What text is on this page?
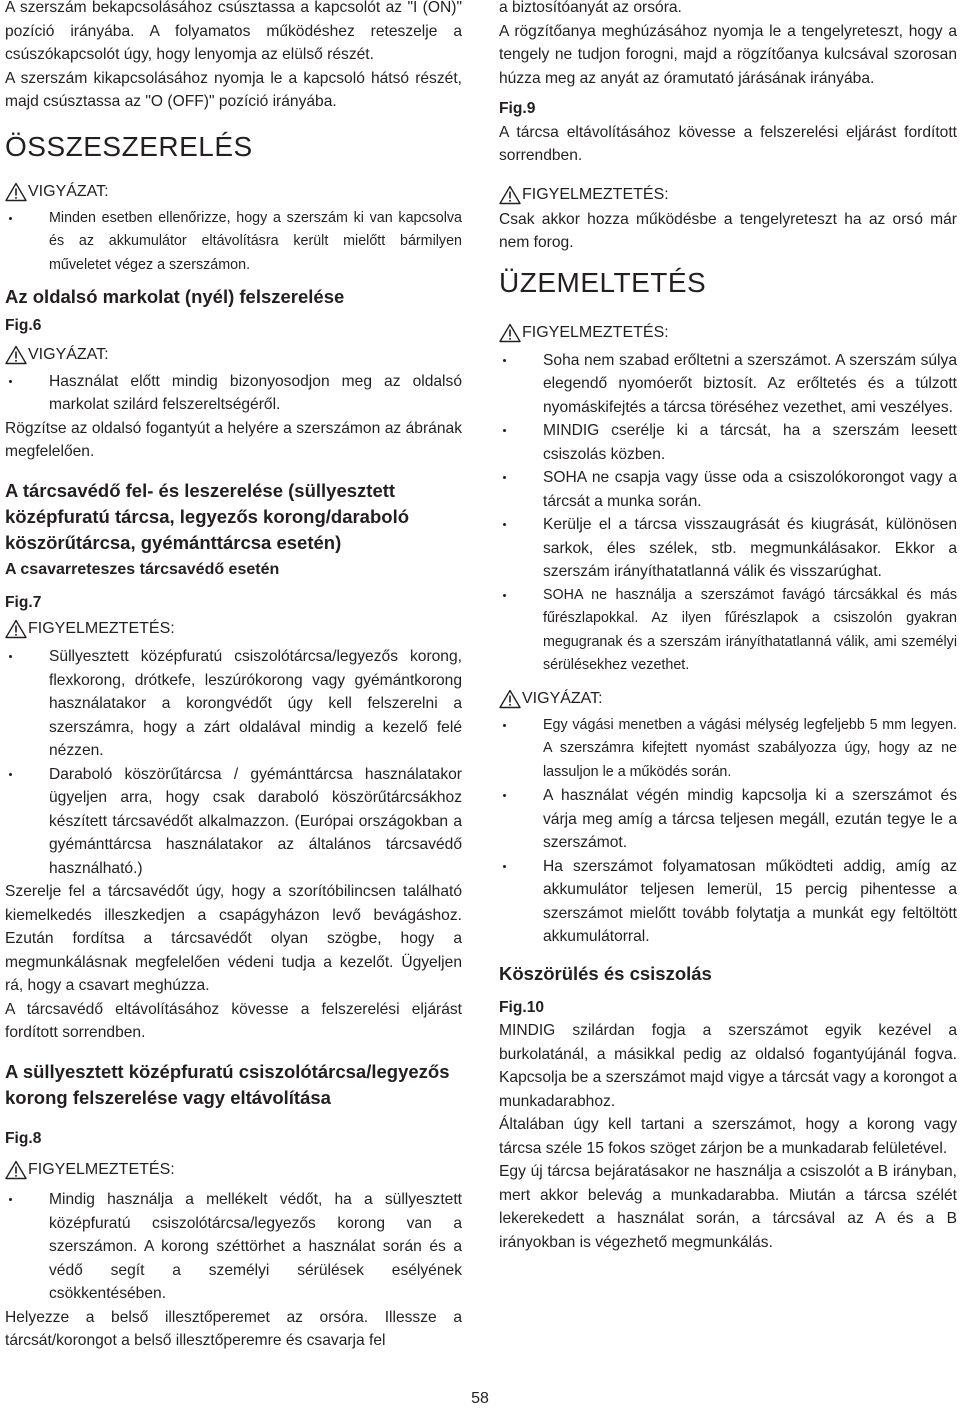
A szerszám bekapcsolásához csúsztassa a kapcsolót az "I (ON)" pozíció irányába. A folyamatos működéshez reteszelje a csúszókapcsolót úgy, hogy lenyomja az elülső részét.

A szerszám kikapcsolásához nyomja le a kapcsoló hátsó részét, majd csúsztassa az "O (OFF)" pozíció irányába.

ÖSSZESZERELÉS
VIGYÁZAT:
Minden esetben ellenőrizze, hogy a szerszám ki van kapcsolva és az akkumulátor eltávolításra került mielőtt bármilyen műveletet végez a szerszámon.
Az oldalsó markolat (nyél) felszerelése
Fig.6
VIGYÁZAT:
Használat előtt mindig bizonyosodjon meg az oldalsó markolat szilárd felszereltségéről.

Rögzítse az oldalsó fogantyút a helyére a szerszámon az ábrának megfelelően.

A tárcsavédő fel- és leszerelése (süllyesztett középfuratú tárcsa, legyezős korong/daraboló köszörűtárcsa, gyémánttárcsa esetén)
A csavarreteszes tárcsavédő esetén
Fig.7
FIGYELMEZTETÉS:
Süllyesztett középfuratú csiszolótárcsa/legyezős korong, flexkorong, drótkefe, leszúrókorong vagy gyémántkorong használatakor a korongvédőt úgy kell felszerelni a szerszámra, hogy a zárt oldalával mindig a kezelő felé nézzen.
Daraboló köszörűtárcsa / gyémánttárcsa használatakor ügyeljen arra, hogy csak daraboló köszörűtárcsákhoz készített tárcsavédőt alkalmazzon. (Európai országokban a gyémánttárcsa használatakor az általános tárcsavédő használható.)

Szerelje fel a tárcsavédőt úgy, hogy a szorítóbilincsen található kiemelkedés illeszkedjen a csapágyházon levő bevágáshoz. Ezután fordítsa a tárcsavédőt olyan szögbe, hogy a megmunkálásnak megfelelően védeni tudja a kezelőt. Ügyeljen rá, hogy a csavart meghúzza.

A tárcsavédő eltávolításához kövesse a felszerelési eljárást fordított sorrendben.

A süllyesztett középfuratú csiszolótárcsa/legyezős korong felszerelése vagy eltávolítása
Fig.8
FIGYELMEZTETÉS:
Mindig használja a mellékelt védőt, ha a süllyesztett középfuratú csiszolótárcsa/legyezős korong van a szerszámon. A korong széttörhet a használat során és a védő segít a személyi sérülések esélyének csökkentésében.

Helyezze a belső illesztőperemet az orsóra. Illessze a tárcsát/korongot a belső illesztőperemre és csavarja fel

a biztosítóanyát az orsóra.

A rögzítőanya meghúzásához nyomja le a tengelyreteszt, hogy a tengely ne tudjon forogni, majd a rögzítőanya kulcsával szorosan húzza meg az anyát az óramutató járásának irányába.

Fig.9

A tárcsa eltávolításához kövesse a felszerelési eljárást fordított sorrendben.

FIGYELMEZTETÉS:

Csak akkor hozza működésbe a tengelyreteszt ha az orsó már nem forog.

ÜZEMELTETÉS
FIGYELMEZTETÉS:
Soha nem szabad erőltetni a szerszámot. A szerszám súlya elegendő nyomóerőt biztosít. Az erőltetés és a túlzott nyomáskifejtés a tárcsa töréséhez vezethet, ami veszélyes.
MINDIG cserélje ki a tárcsát, ha a szerszám leesett csiszolás közben.
SOHA ne csapja vagy üsse oda a csiszolókorongot vagy a tárcsát a munka során.
Kerülje el a tárcsa visszaugrását és kiugrását, különösen sarkok, éles szélek, stb. megmunkálásakor. Ekkor a szerszám irányíthatatlanná válik és visszarúghat.
SOHA ne használja a szerszámot favágó tárcsákkal és más fűrészlapokkal. Az ilyen fűrészlapok a csiszolón gyakran megugranak és a szerszám irányíthatatlanná válik, ami személyi sérülésekhez vezethet.
VIGYÁZAT:
Egy vágási menetben a vágási mélység legfeljebb 5 mm legyen. A szerszámra kifejtett nyomást szabályozza úgy, hogy az ne lassuljon le a működés során.
A használat végén mindig kapcsolja ki a szerszámot és várja meg amíg a tárcsa teljesen megáll, ezután tegye le a szerszámot.
Ha szerszámot folyamatosan működteti addig, amíg az akkumulátor teljesen lemerül, 15 percig pihentesse a szerszámot mielőtt tovább folytatja a munkát egy feltöltött akkumulátorral.
Köszörülés és csiszolás
Fig.10

MINDIG szilárdan fogja a szerszámot egyik kezével a burkolatánál, a másikkal pedig az oldalsó fogantyújánál fogva. Kapcsolja be a szerszámot majd vigye a tárcsát vagy a korongot a munkadarabhoz.

Általában úgy kell tartani a szerszámot, hogy a korong vagy tárcsa széle 15 fokos szöget zárjon be a munkadarab felületével.

Egy új tárcsa bejáratásakor ne használja a csiszolót a B irányban, mert akkor belevág a munkadarabba. Miután a tárcsa szélét lekerekedett a használat során, a tárcsával az A és a B irányokban is végezhető megmunkálás.

58
